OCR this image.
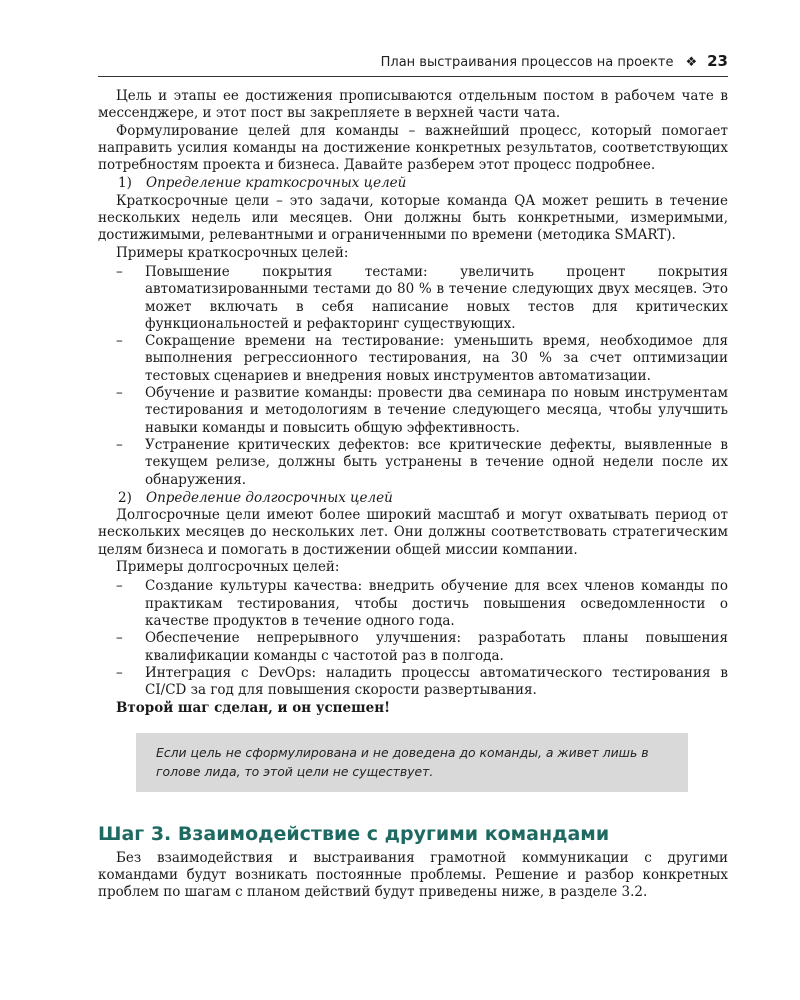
План выстраивания процессов на проекте ❖ 23

Цель и этапы ее достижения прописываются отдельным постом в рабочем чате в мессенджере, и этот пост вы закрепляете в верхней части чата.

Формулирование целей для команды – важнейший процесс, который помогает направить усилия команды на достижение конкретных результатов, соответствующих потребностям проекта и бизнеса. Давайте разберем этот процесс подробнее.

1) Определение краткосрочных целей

Краткосрочные цели – это задачи, которые команда QA может решить в течение нескольких недель или месяцев. Они должны быть конкретными, измеримыми, достижимыми, релевантными и ограниченными по времени (методика SMART).

Примеры краткосрочных целей:

– Повышение покрытия тестами: увеличить процент покрытия автоматизированными тестами до 80 % в течение следующих двух месяцев. Это может включать в себя написание новых тестов для критических функциональностей и рефакторинг существующих.
– Сокращение времени на тестирование: уменьшить время, необходимое для выполнения регрессионного тестирования, на 30 % за счет оптимизации тестовых сценариев и внедрения новых инструментов автоматизации.
– Обучение и развитие команды: провести два семинара по новым инструментам тестирования и методологиям в течение следующего месяца, чтобы улучшить навыки команды и повысить общую эффективность.
– Устранение критических дефектов: все критические дефекты, выявленные в текущем релизе, должны быть устранены в течение одной недели после их обнаружения.
2) Определение долгосрочных целей

Долгосрочные цели имеют более широкий масштаб и могут охватывать период от нескольких месяцев до нескольких лет. Они должны соответствовать стратегическим целям бизнеса и помогать в достижении общей миссии компании.

Примеры долгосрочных целей:

– Создание культуры качества: внедрить обучение для всех членов команды по практикам тестирования, чтобы достичь повышения осведомленности о качестве продуктов в течение одного года.
– Обеспечение непрерывного улучшения: разработать планы повышения квалификации команды с частотой раз в полгода.
– Интеграция с DevOps: наладить процессы автоматического тестирования в CI/CD за год для повышения скорости развертывания.
Второй шаг сделан, и он успешен!
Если цель не сформулирована и не доведена до команды, а живет лишь в голове лида, то этой цели не существует.
Шаг 3. Взаимодействие с другими командами

Без взаимодействия и выстраивания грамотной коммуникации с другими командами будут возникать постоянные проблемы. Решение и разбор конкретных проблем по шагам с планом действий будут приведены ниже, в разделе 3.2.
